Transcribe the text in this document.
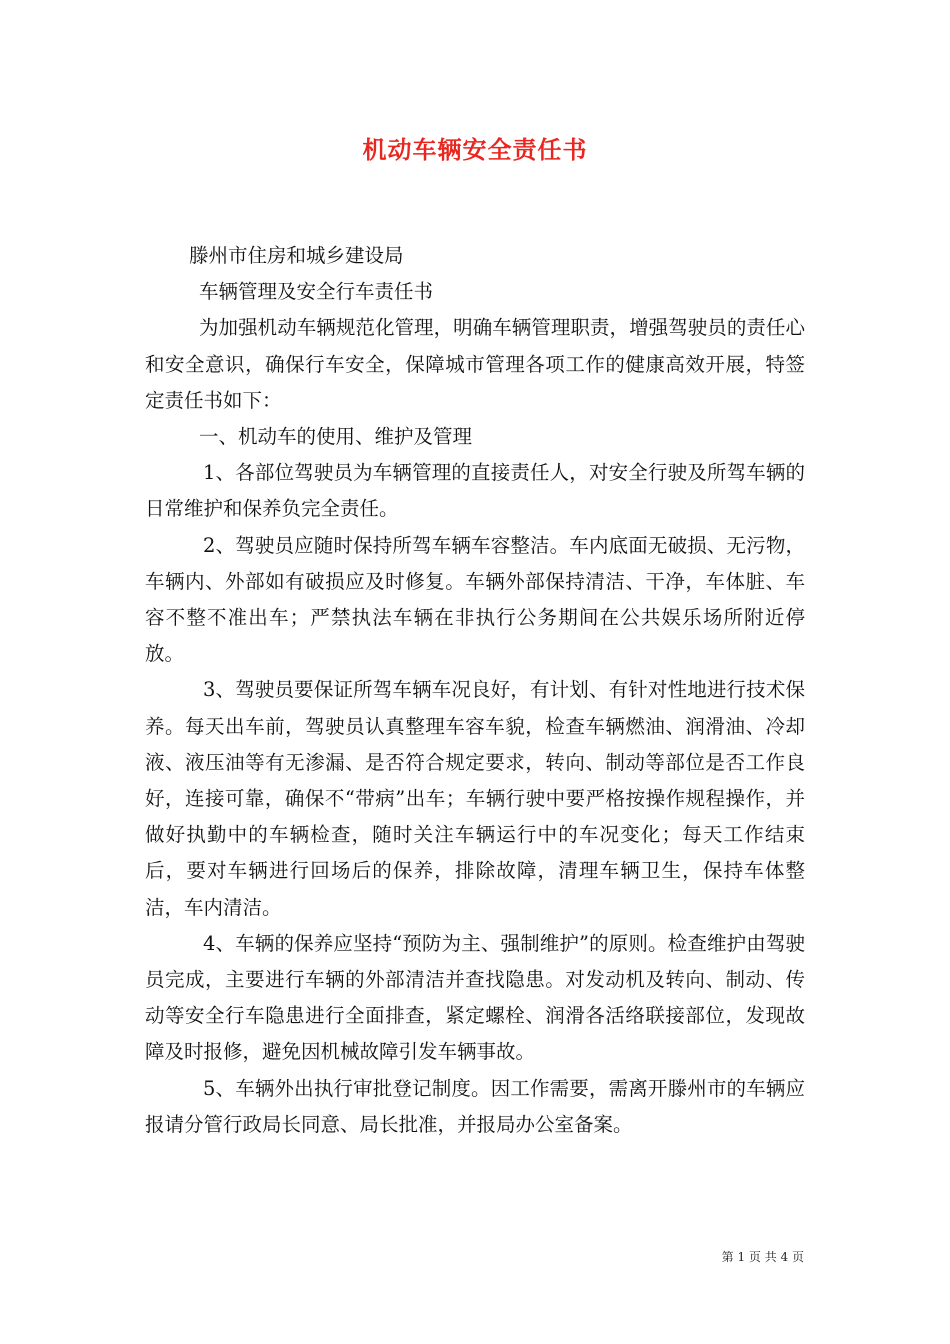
机动车辆安全责任书

滕州市住房和城乡建设局

车辆管理及安全行车责任书

为加强机动车辆规范化管理，明确车辆管理职责，增强驾驶员的责任心和安全意识，确保行车安全，保障城市管理各项工作的健康高效开展，特签定责任书如下：

一、机动车的使用、维护及管理

1、各部位驾驶员为车辆管理的直接责任人，对安全行驶及所驾车辆的日常维护和保养负完全责任。

2、驾驶员应随时保持所驾车辆车容整洁。车内底面无破损、无污物，车辆内、外部如有破损应及时修复。车辆外部保持清洁、干净，车体脏、车容不整不准出车；严禁执法车辆在非执行公务期间在公共娱乐场所附近停放。

3、驾驶员要保证所驾车辆车况良好，有计划、有针对性地进行技术保养。每天出车前，驾驶员认真整理车容车貌，检查车辆燃油、润滑油、冷却液、液压油等有无渗漏、是否符合规定要求，转向、制动等部位是否工作良好，连接可靠，确保不“带病”出车；车辆行驶中要严格按操作规程操作，并做好执勤中的车辆检查，随时关注车辆运行中的车况变化；每天工作结束后，要对车辆进行回场后的保养，排除故障，清理车辆卫生，保持车体整洁，车内清洁。

4、车辆的保养应坚持“预防为主、强制维护”的原则。检查维护由驾驶员完成，主要进行车辆的外部清洁并查找隐患。对发动机及转向、制动、传动等安全行车隐患进行全面排查，紧定螺栓、润滑各活络联接部位，发现故障及时报修，避免因机械故障引发车辆事故。

5、车辆外出执行审批登记制度。因工作需要，需离开滕州市的车辆应报请分管行政局长同意、局长批准，并报局办公室备案。

第 1 页 共 4 页
